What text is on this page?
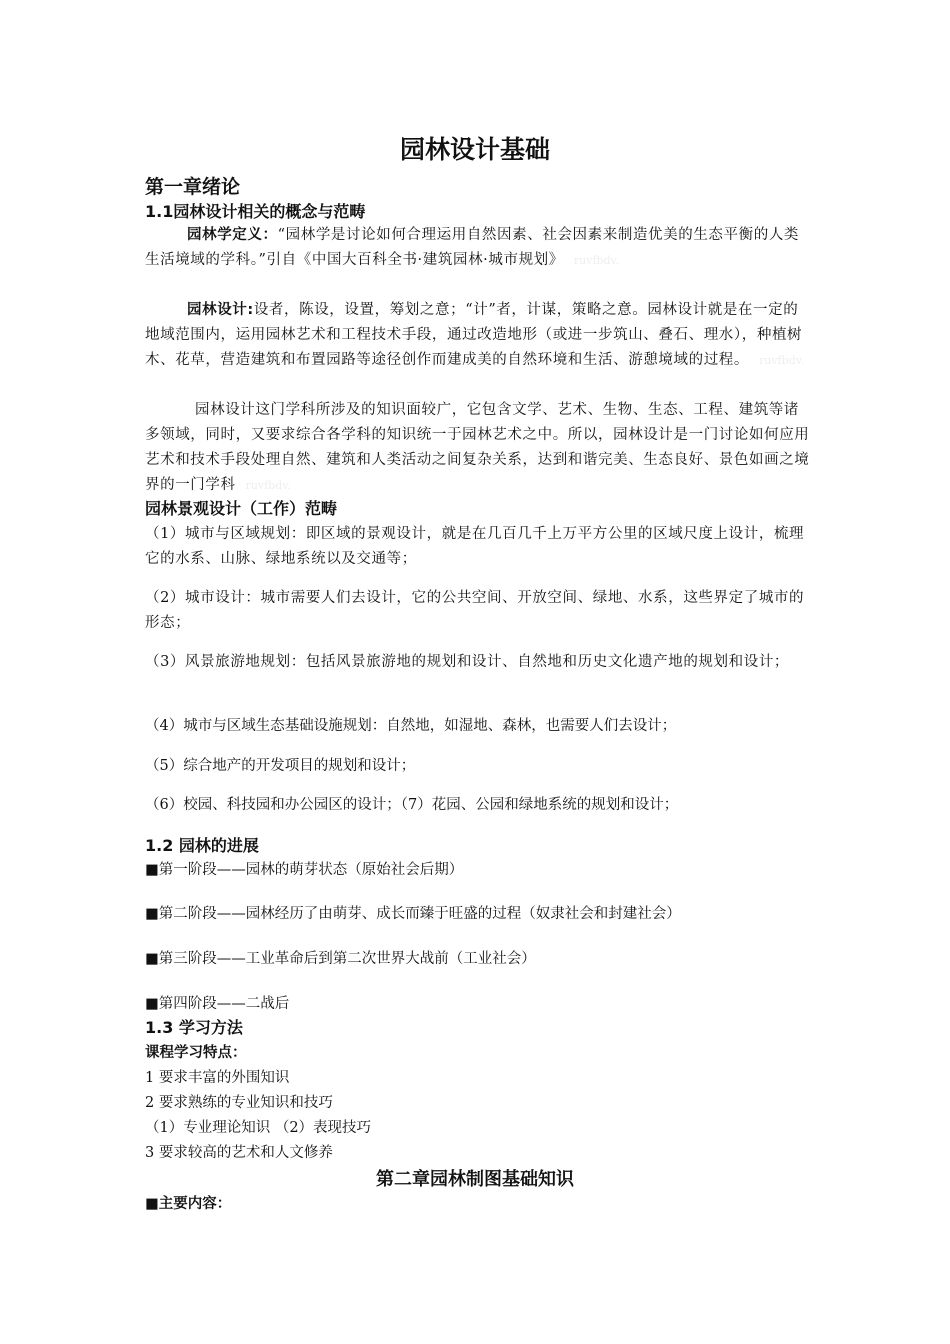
园林设计基础
第一章绪论
1.1园林设计相关的概念与范畴
园林学定义：“园林学是讨论如何合理运用自然因素、社会因素来制造优美的生态平衡的人类生活境域的学科。”引自《中国大百科全书·建筑园林·城市规划》 ruvfbdv.
园林设计:设者，陈设，设置，筹划之意；“计”者，计谋，策略之意。园林设计就是在一定的地域范围内，运用园林艺术和工程技术手段，通过改造地形（或进一步筑山、叠石、理水），种植树木、花草，营造建筑和布置园路等途径创作而建成美的自然环境和生活、游憩境域的过程。 ruvfbdv.
园林设计这门学科所涉及的知识面较广，它包含文学、艺术、生物、生态、工程、建筑等诸多领域，同时，又要求综合各学科的知识统一于园林艺术之中。所以，园林设计是一门讨论如何应用艺术和技术手段处理自然、建筑和人类活动之间复杂关系，达到和谐完美、生态良好、景色如画之境界的一门学科 ruvfbdv.
园林景观设计（工作）范畴
（1）城市与区域规划：即区域的景观设计，就是在几百几千上万平方公里的区域尺度上设计，梳理它的水系、山脉、绿地系统以及交通等；
（2）城市设计：城市需要人们去设计，它的公共空间、开放空间、绿地、水系，这些界定了城市的形态；
（3）风景旅游地规划：包括风景旅游地的规划和设计、自然地和历史文化遗产地的规划和设计；
（4）城市与区域生态基础设施规划：自然地，如湿地、森林，也需要人们去设计；
（5）综合地产的开发项目的规划和设计；
（6）校园、科技园和办公园区的设计；（7）花园、公园和绿地系统的规划和设计；
1.2 园林的进展
■第一阶段——园林的萌芽状态（原始社会后期）
■第二阶段——园林经历了由萌芽、成长而臻于旺盛的过程（奴隶社会和封建社会）
■第三阶段——工业革命后到第二次世界大战前（工业社会）
■第四阶段——二战后
1.3 学习方法
课程学习特点：
1 要求丰富的外围知识
2 要求熟练的专业知识和技巧
（1）专业理论知识 （2）表现技巧
3 要求较高的艺术和人文修养
第二章园林制图基础知识
■主要内容：
